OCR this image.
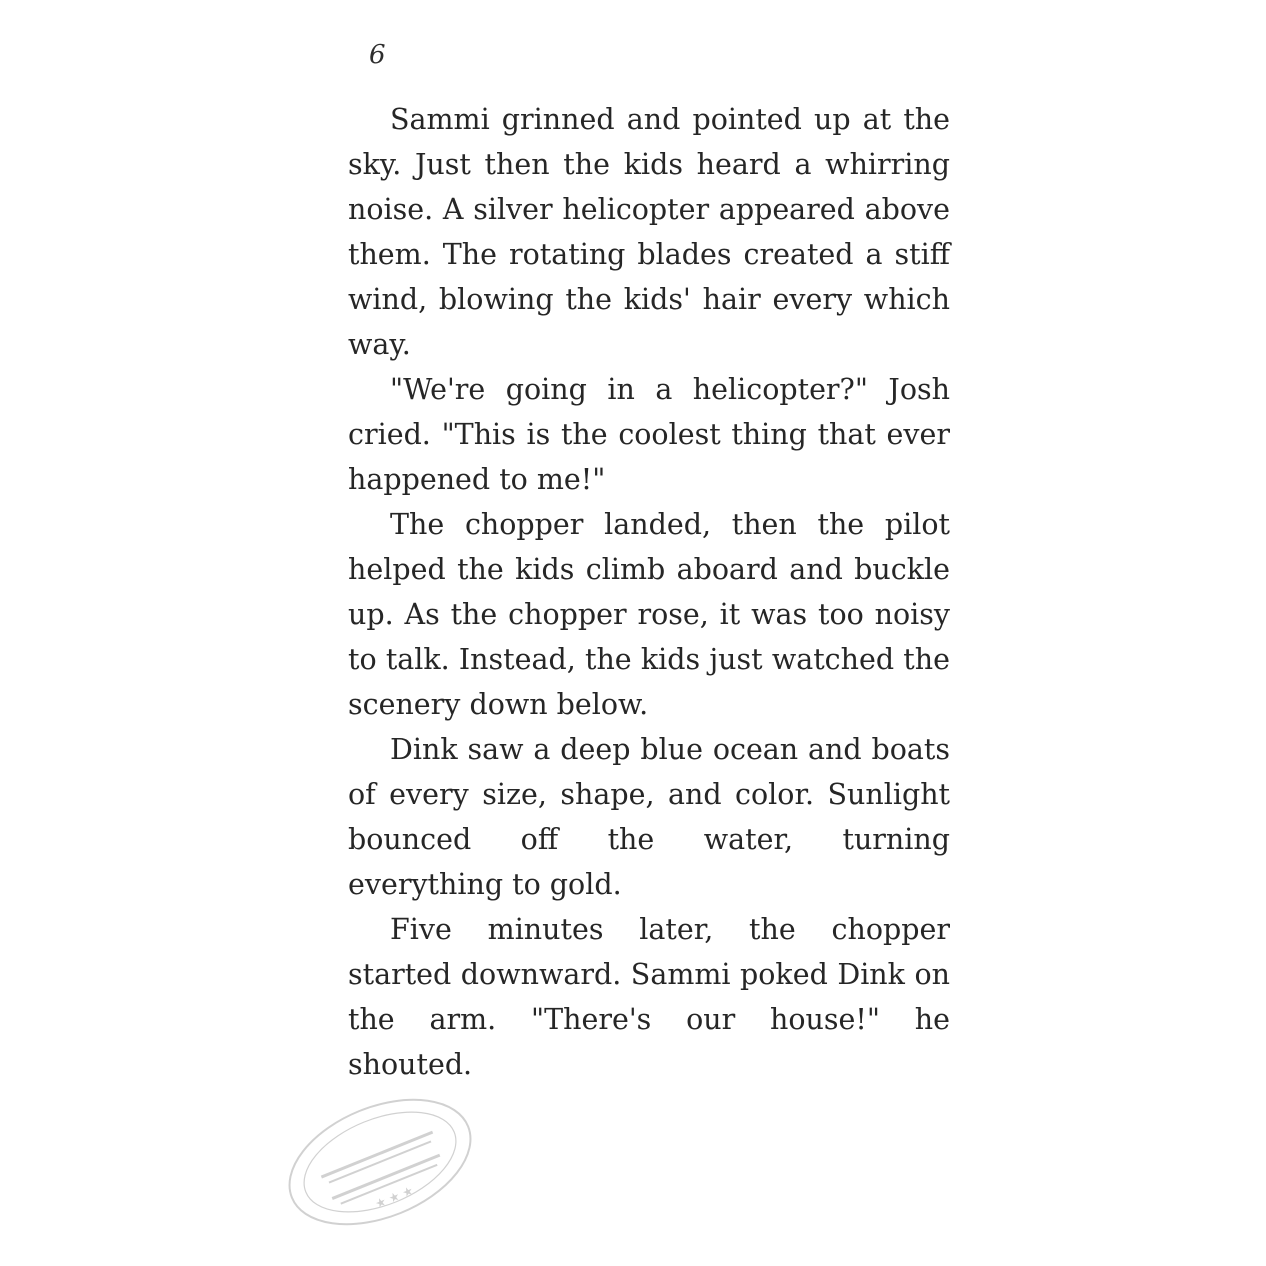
6

Sammi grinned and pointed up at the sky. Just then the kids heard a whirring noise. A silver helicopter appeared above them. The rotating blades created a stiff wind, blowing the kids' hair every which way.

"We're going in a helicopter?" Josh cried. "This is the coolest thing that ever happened to me!"

The chopper landed, then the pilot helped the kids climb aboard and buckle up. As the chopper rose, it was too noisy to talk. Instead, the kids just watched the scenery down below.

Dink saw a deep blue ocean and boats of every size, shape, and color. Sunlight bounced off the water, turning everything to gold.

Five minutes later, the chopper started downward. Sammi poked Dink on the arm. "There's our house!" he shouted.

★ ★ ★
